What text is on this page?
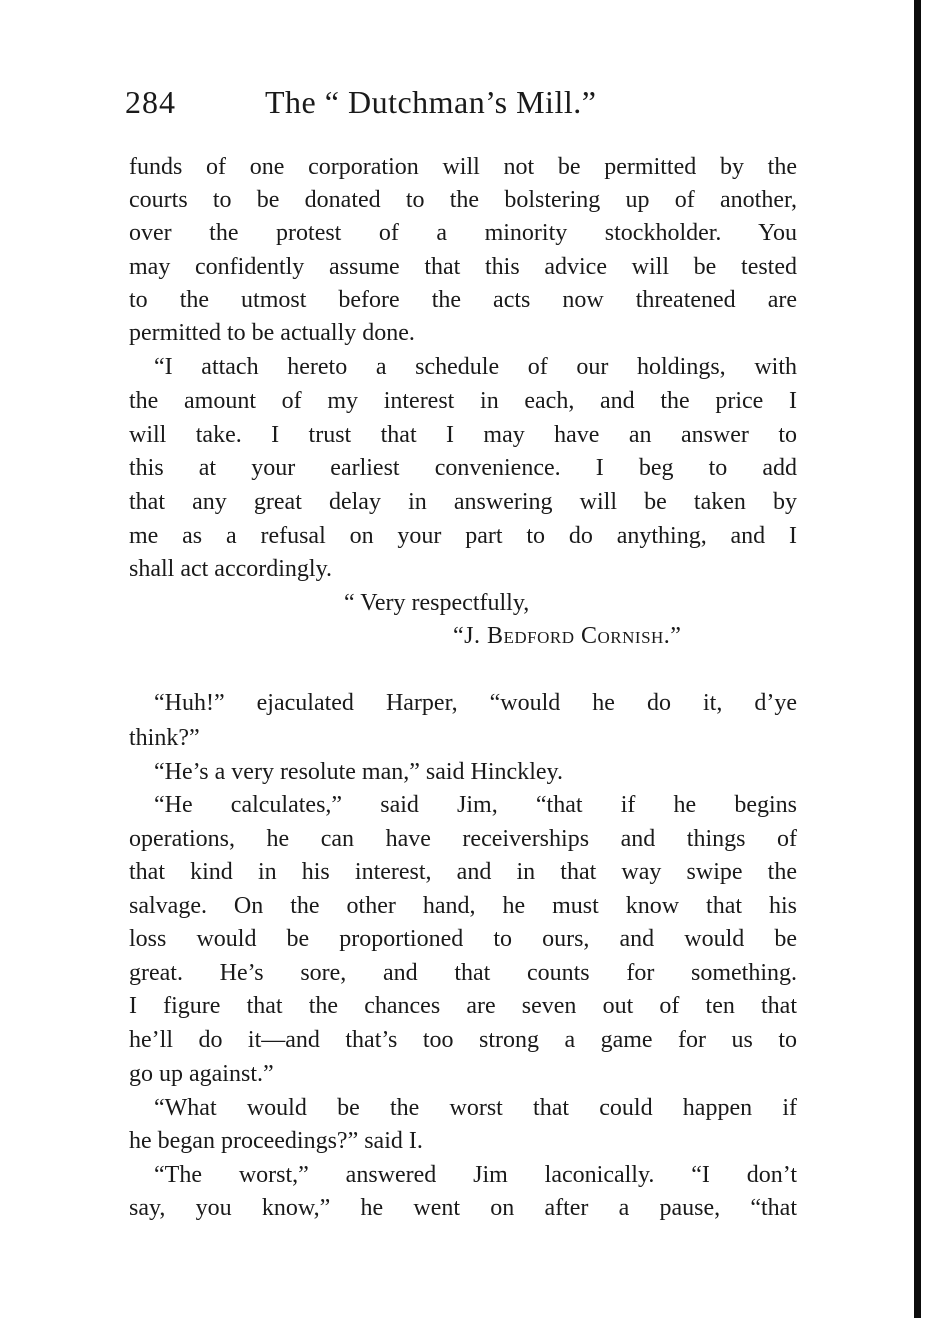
284	The “ Dutchman’s Mill.”
funds of one corporation will not be permitted by the
courts to be donated to the bolstering up of another,
over the protest of a minority stockholder. You
may confidently assume that this advice will be tested
to the utmost before the acts now threatened are
permitted to be actually done.
“I attach hereto a schedule of our holdings, with
the amount of my interest in each, and the price I
will take. I trust that I may have an answer to
this at your earliest convenience. I beg to add
that any great delay in answering will be taken by
me as a refusal on your part to do anything, and I
shall act accordingly.
“ Very respectfully,
“J. Bedford Cornish.”
“Huh!” ejaculated Harper, “would he do it, d’ye
think?”
“He’s a very resolute man,” said Hinckley.
“He calculates,” said Jim, “that if he begins
operations, he can have receiverships and things of
that kind in his interest, and in that way swipe the
salvage. On the other hand, he must know that his
loss would be proportioned to ours, and would be
great. He’s sore, and that counts for something.
I figure that the chances are seven out of ten that
he’ll do it—and that’s too strong a game for us to
go up against.”
“What would be the worst that could happen if
he began proceedings?” said I.
“The worst,” answered Jim laconically. “I don’t
say, you know,” he went on after a pause, “that
